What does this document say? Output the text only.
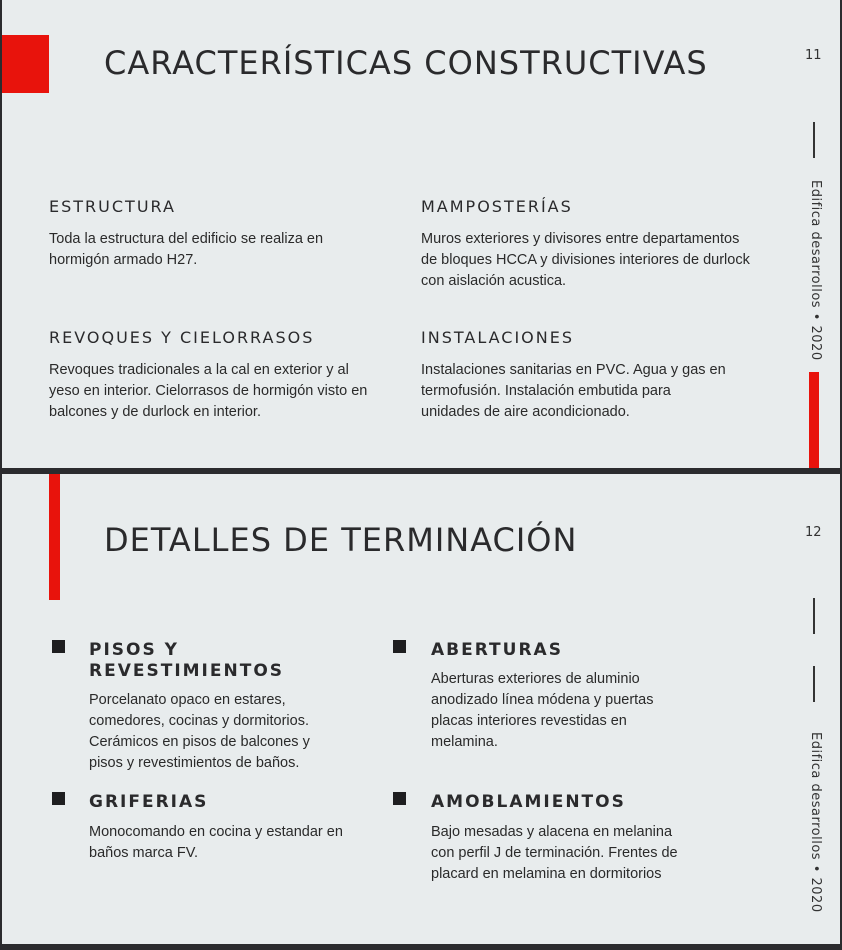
CARACTERÍSTICAS CONSTRUCTIVAS	11
Edifica desarrollos • 2020
ESTRUCTURA

Toda la estructura del edificio se realiza en hormigón armado H27.

MAMPOSTERÍAS

Muros exteriores y divisores entre departamentos de bloques HCCA y divisiones interiores de durlock con aislación acustica.

REVOQUES Y CIELORRASOS

Revoques tradicionales a la cal en exterior y al yeso en interior. Cielorrasos de hormigón visto en balcones y de durlock en interior.

INSTALACIONES

Instalaciones sanitarias en PVC. Agua y gas en termofusión. Instalación embutida para unidades de aire acondicionado.

DETALLES DE TERMINACIÓN	12
Edifica desarrollos • 2020
PISOS Y REVESTIMIENTOS

Porcelanato opaco en estares, comedores, cocinas y dormitorios. Cerámicos en pisos de balcones y pisos y revestimientos de baños.

ABERTURAS

Aberturas exteriores de aluminio anodizado línea módena y puertas placas interiores revestidas en melamina.

GRIFERIAS

Monocomando en cocina y estandar en baños marca FV.

AMOBLAMIENTOS

Bajo mesadas y alacena en melanina con perfil J de terminación. Frentes de placard en melamina en dormitorios
